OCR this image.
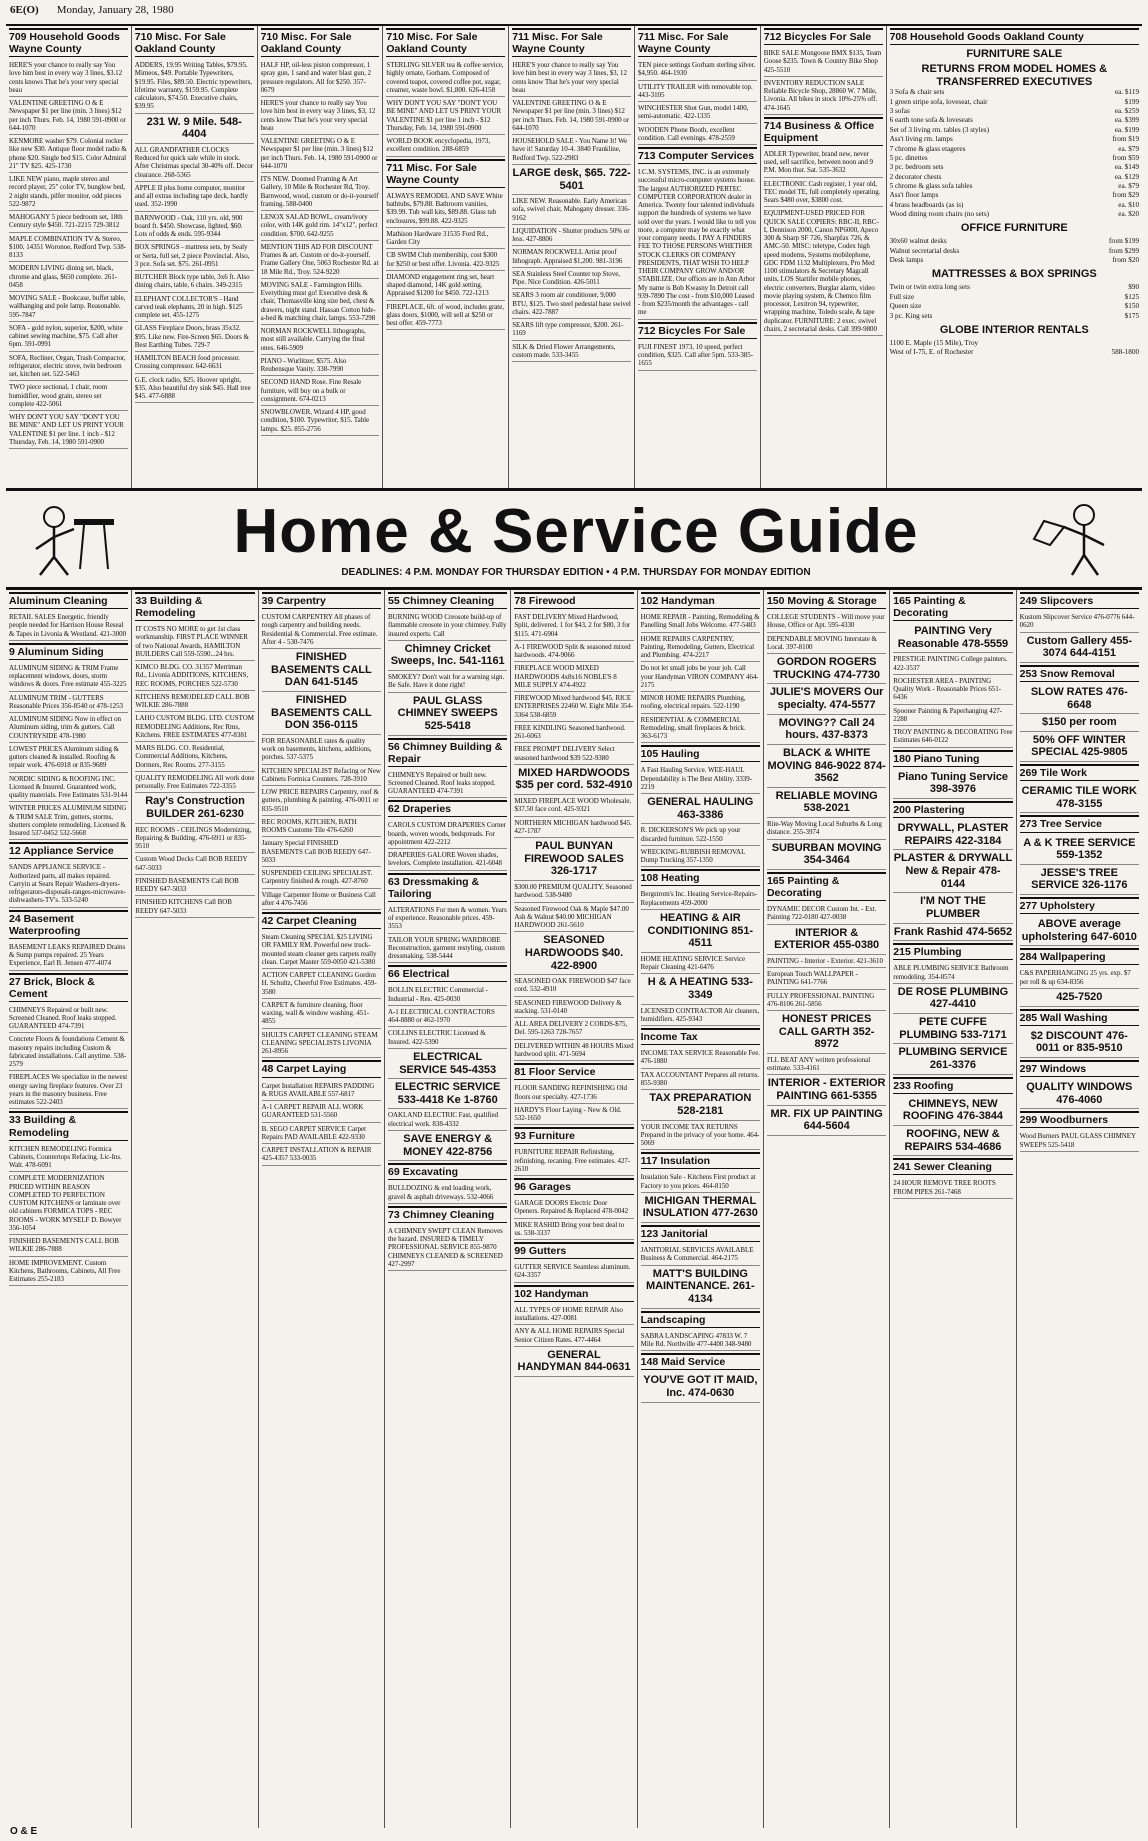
6E(O) Monday, January 28, 1980
709 Household Goods Wayne County
HERE'S your chance to really say You love him best in every way 3 lines, $3.12 cents knows That he's your very special beau
VALENTINE GREETING O & E Newspaper $1 per line (min. 3 lines) $12 per inch Thurs. Feb. 14, 1980 591-0900 or 644-1070
KENMORE washer $79. Colonial rocker like new $30. Antique floor model radio & phone $20. Single bed $15. Color Admiral 21" TV $25. 425-1730
LIKE NEW piano, maple stereo and record player, 25" color TV, bunglow bed, 2 night stands, pilfer monitor, odd pieces 522-9872
MAHOGANY 5 piece bedroom set, 18th Century style $450. 721-2215 729-3812
MAPLE COMBINATION TV & Stereo, $100. 14351 Woronoe, Redford Twp. 538-8133
MODERN LIVING dining set, black, chrome and glass, $650 complete. 261-0458
MOVING SALE - Bookcase, buffet table, wallhanging and pole lamp. Reasonable. 595-7847
SOFA - gold nylon, superior, $200, white cabinet sewing machine, $75. Call after 6pm. 591-0991
SOFA, Recliner, Organ, Trash Compactor, refrigerator, electric stove, twin bedroom set, kitchen set. 522-5463
TWO piece sectional, 1 chair, room humidifier, wood grain, stereo set complete 422-5061
WHY DON'T YOU SAY "DON'T YOU BE MINE" AND LET US PRINT YOUR VALENTINE $1 per line. 1 inch - $12 Thursday, Feb. 14, 1980 591-0900
710 Misc. For Sale Oakland County
ADDERS, 19.95 Writing Tables, $79.95. Mimeos, $49. Portable Typewriters, $19.95. Files, $89.50. Electric typewriters, lifetime warranty, $159.95. Complete calculators, $74.50. Executive chairs, $39.95
231 W. 9 Mile. 548-4404
ALL GRANDFATHER CLOCKS Reduced for quick sale while in stock. After Christmas special 30-40% off. Decor clearance. 268-5365
APPLE II plus home computer, monitor and all extras including tape deck, hardly used. 352-1990
BARNWOOD - Oak, 110 yrs. old, 900 board ft. $450. Showcase, lighted, $60. Lots of odds & ends. 595-9344
BOX SPRINGS - mattress sets, by Sealy or Serta, full set, 2 piece Provincial. Also, 3 pce. Sofa set. $75. 261-0951
BUTCHER Block type table, 3x6 ft. Also dining chairs, table, 6 chairs. 349-2315
ELEPHANT COLLECTOR'S - Hand carved teak elephants, 20 in high. $125 complete set. 455-1275
GLASS Fireplace Doors, brass 35x32. $95. Like new. Fire-Screen $65. Doors & Best Earthing Tubes. 729-7
HAMILTON BEACH food processor. Crossing compressor. 642-6631
G.E. clock radio, $25. Hoover upright, $35. Also beautiful dry sink $45. Hall tree $45. 477-6888
710 Misc. For Sale Oakland County
HALF HP, oil-less piston compressor, 1 spray gun, 1 sand and water blast gun, 2 pressure regulators. All for $250. 357-0679
HERE'S your chance to really say You love him best in every way 3 lines, $3, 12 cents know That he's your very special beau
VALENTINE GREETING O & E Newspaper $1 per line (min. 3 lines) $12 per inch Thurs. Feb. 14, 1980 591-0900 or 644-1070
ITS NEW. Doomed Framing & Art Gallery, 10 Mile & Rochester Rd, Troy. Barnwood, wood, custom or do-it-yourself framing. 588-0400
LENOX SALAD BOWL, cream/ivory color, with 14K gold rim. 14"x12", perfect condition. $700. 642-9255
MENTION THIS AD FOR DISCOUNT Frames & art. Custom or do-it-yourself. Frame Gallery One, 5063 Rochester Rd. at 18 Mile Rd., Troy. 524-9220
MOVING SALE - Farmington Hills. Everything must go! Executive desk & chair, Thomasville king size bed, chest & drawers, night stand. Hassan Cotton hide-a-bed & matching chair, lamps. 553-7298
NORMAN ROCKWELL lithographs, most still available. Carrying the final ones. 646-5909
PIANO - Wurlitzer, $575. Also Reubensque Vanity. 338-7990
SECOND HAND Rose. Fine Resale furniture, will buy on a bulk or consignment. 674-0213
SNOWBLOWER, Wizard 4 HP, good condition, $100. Typewriter, $15. Table lamps. $25. 855-2756
710 Misc. For Sale Oakland County
STERLING SILVER tea & coffee service, highly ornate, Gorham. Composed of covered teapot, covered coffee pot, sugar, creamer, waste bowl. $1,800. 626-4158
WHY DON'T YOU SAY "DON'T YOU BE MINE" AND LET US PRINT YOUR VALENTINE $1 per line 1 inch - $12 Thursday, Feb. 14, 1980 591-0900
WORLD BOOK encyclopedia, 1973, excellent condition. 288-6859
711 Misc. For Sale Wayne County
ALWAYS REMODEL AND SAVE White bathtubs, $79.88. Bathroom vanities, $39.99. Tub wall kits, $89.88. Glass tub enclosures, $99.88. 422-9325
Mathison Hardware 31535 Ford Rd., Garden City
CB SWIM Club membership, cost $300 for $250 or best offer. Livonia. 422-9325
DIAMOND engagement ring set, heart shaped diamond, 14K gold setting. Appraised $1200 for $450. 722-1213
FIREPLACE, 6ft. of wood, includes grate, glass doors, $1000, will sell at $250 or best offer. 459-7773
711 Misc. For Sale Wayne County
HERE'S your chance to really say You love him best in every way 3 lines, $3, 12 cents know That he's your very special beau
VALENTINE GREETING O & E Newspaper $1 per line (min. 3 lines) $12 per inch Thurs. Feb. 14, 1980 591-0900 or 644-1070
HOUSEHOLD SALE - You Name It! We have it! Saturday 10-4. 3840 Frankline, Redford Twp. 522-2983
LARGE desk, $65. 722-5401
LIKE NEW. Reasonable. Early American sofa, swivel chair, Mahogany dresser. 336-9162
LIQUIDATION - Shutter products 50% or less. 427-8806
NORMAN ROCKWELL Artist proof lithograph. Appraised $1,200. 981-3196
SEA Stainless Steel Counter top Stove, Pipe. Nice Condition. 426-5011
SEARS 3 room air conditioner, 9,000 BTU, $125. Two steel pedestal base swivel chairs. 422-7887
SEARS lift type compressor, $200. 261-1169
SILK & Dried Flower Arrangements, custom made. 533-3455
711 Misc. For Sale Wayne County
TEN piece settings Gorham sterling silver. $4,950. 464-1930
UTILITY TRAILER with removable top. 443-3105
WINCHESTER Shot Gun, model 1400, semi-automatic. 422-1335
WOODEN Phone Booth, excellent condition. Call evenings. 478-2559
713 Computer Services
I.C.M. SYSTEMS, INC. is an extremely successful micro-computer systems house. The largest AUTHORIZED PERTEC COMPUTER CORPORATION dealer in America. Twenty four talented individuals support the hundreds of systems we have sold over the years. I would like to tell you more, a computer may be exactly what your company needs. I PAY A FINDERS FEE TO THOSE PERSONS WHETHER STOCK CLERKS OR COMPANY PRESIDENTS, THAT WISH TO HELP THEIR COMPANY GROW AND/OR STABILIZE. Our offices are in Ann Arbor My name is Bob Kwasny In Detroit call 939-7890 The cost - from $10,000 Leased - from $235/month the advantages - call me
712 Bicycles For Sale
FUJI FINEST 1973, 10 speed, perfect condition, $325. Call after 5pm. 533-385-1655
712 Bicycles For Sale
BIKE SALE Mongoose BMX $135, Team Goose $235. Town & Country Bike Shop 425-5510
INVENTORY REDUCTION SALE Reliable Bicycle Shop, 28860 W. 7 Mile, Livonia. All bikes in stock 10%-25% off. 474-1645
714 Business & Office Equipment
ADLER Typewriter, brand new, never used, sell sacrifice, between noon and 9 P.M. Mon thur. Sat. 535-3632
ELECTRONIC Cash register, 1 year old, TEC model TE, full completely operating. Sears $480 over, $3800 cost.
EQUIPMENT-USED PRICED FOR QUICK SALE COPIERS: RBC-II, RBC-I, Dennison 2000, Canon NP6000, Apeco 300 & Sharp SF 726, Sharpfax 726, & AMC-50. MISC: teletype, Codex high speed modems, Systems mobilephone, GDC FDM 1132 Multiplexers, Pro Med 1100 stimulators & Secretary Magcall units, LOS Startifer mobile phones, electric converters, Burglar alarm, video movie playing system, & Chemco film processor, Lexitron 94, typewriter, wrapping machine, Toledo scale, & tape duplicator. FURNITURE: 2 exec. swivel chairs, 2 secretarial desks. Call 399-9800
708 Household Goods Oakland County
FURNITURE SALE
RETURNS FROM MODEL HOMES & TRANSFERRED EXECUTIVES
3 Sofa & chair sets	ea. $119
1 green stripe sofa, loveseat, chair	$199
3 sofas	ea. $259
6 earth tone sofa & loveseats	ea. $399
Set of 3 living rm. tables (3 styles)	ea. $199
Ass't living rm. lamps	from $19
7 chrome & glass etageres	ea. $79
5 pc. dinettes	from $59
3 pc. bedroom sets	ea. $149
2 decorator chests	ea. $129
5 chrome & glass sofa tables	ea. $79
Ass't floor lamps	from $29
4 brass headboards (as is)	ea. $10
Wood dining room chairs (no sets)	ea. $20
OFFICE FURNITURE
30x60 walnut desks	from $199
Walnut secretarial desks	from $299
Desk lamps	from $20
MATTRESSES & BOX SPRINGS
Twin or twin extra long sets	$90
Full size	$125
Queen size	$150
3 pc. King sets	$175
GLOBE INTERIOR RENTALS
1100 E. Maple (15 Mile), Troy
West of I-75, E. of Rochester	588-1800
Home & Service Guide
DEADLINES: 4 P.M. MONDAY FOR THURSDAY EDITION • 4 P.M. THURSDAY FOR MONDAY EDITION
Aluminum Cleaning
RETAIL SALES Energetic, friendly people needed for Harrison House Reseal & Tapes in Livonia & Westland. 421-3000
9 Aluminum Siding
ALUMINUM SIDING & TRIM Frame replacement windows, doors, storm windows & doors. Free estimate 455-3225
ALUMINUM TRIM - GUTTERS Reasonable Prices 356-8540 or 478-1253
ALUMINUM SIDING Now in effect on Aluminum siding, trim & gutters. Call COUNTRYSIDE 478-1980
LOWEST PRICES Aluminum siding & gutters cleaned & installed. Roofing & repair work. 476-6918 or 835-9689
NORDIC SIDING & ROOFING INC. Licensed & Insured. Guaranteed work, quality materials. Free Estimates 531-9144
WINTER PRICES ALUMINUM SIDING & TRIM SALE Trim, gutters, storms, shutters complete remodeling. Licensed & Insured 537-0452 532-5668
12 Appliance Service
SANDS APPLIANCE SERVICE - Authorized parts, all makes repaired. Carryin at Sears Repair Washers-dryers-refrigerators-disposals-ranges-microwave-dishwashers-TV's. 533-5240
24 Basement Waterproofing
BASEMENT LEAKS REPAIRED Drains & Sump pumps repaired. 25 Years Experience, Earl B. Jensen 477-4074
27 Brick, Block & Cement
CHIMNEYS Repaired or built new. Screened Cleaned. Roof leaks stopped. GUARANTEED 474-7391
Concrete Floors & foundations Cement & masonry repairs including Custom & fabricated installations. Call anytime. 538-2579
FIREPLACES We specialize in the newest energy saving fireplace features. Over 23 years in the masonry business. Free estimates 522-2403
33 Building & Remodeling
KITCHEN REMODELING Formica Cabinets, Countertops Refacing. Lic-Ins. Walt. 478-6091
COMPLETE MODERNIZATION PRICED WITHIN REASON COMPLETED TO PERFECTION CUSTOM KITCHENS or laminate over old cabinets FORMICA TOPS - REC ROOMS - WORK MYSELF D. Bowyer 356-1054
FINISHED BASEMENTS CALL BOB WILKIE 286-7888
HOME IMPROVEMENT. Custom Kitchens, Bathrooms, Cabinets, All Free Estimates 255-2183
33 Building & Remodeling
IT COSTS NO MORE to get 1st class workmanship. FIRST PLACE WINNER of two National Awards, HAMILTON BUILDERS Call 559-5590...24 hrs.
KIMCO BLDG. CO. 31357 Merriman Rd., Livonia ADDITIONS, KITCHENS, REC ROOMS, PORCHES 522-5730
KITCHENS REMODELED CALL BOB WILKIE 286-7888
LAHO CUSTOM BLDG. LTD. CUSTOM REMODELING Additions, Rec Rms, Kitchens. FREE ESTIMATES 477-8381
MARS BLDG. CO. Residential, Commercial Additions, Kitchens, Dormers, Rec Rooms. 277-3155
QUALITY REMODELING All work done personally. Free Estimates 722-3355
Ray's Construction BUILDER 261-6230
REC ROOMS - CEILINGS Modernizing, Repairing & Building. 476-6911 or 835-9510
Custom Wood Decks Call BOB REEDY 647-5033
FINISHED BASEMENTS Call BOB REEDY 647-5033
FINISHED KITCHENS Call BOB REEDY 647-5033
39 Carpentry
CUSTOM CARPENTRY All phases of rough carpentry and building needs. Residential & Commercial. Free estimate. After 4 - 530-7476
FINISHED BASEMENTS CALL DAN 641-5145
FINISHED BASEMENTS CALL DON 356-0115
FOR REASONABLE rates & quality work on basements, kitchens, additions, porches. 537-5375
KITCHEN SPECIALIST Refacing or New Cabinets Formica Counters. 728-3910
LOW PRICE REPAIRS Carpentry, roof & gutters, plumbing & painting. 476-0011 or 835-9510
REC ROOMS, KITCHEN, BATH ROOMS Custome Tile 476-6260
January Special FINISHED BASEMENTS Call BOB REEDY 647-5033
SUSPENDED CEILING SPECIALIST. Carpentry finished & rough. 427-8760
Village Carpenter Home or Business Call after 4 476-7456
42 Carpet Cleaning
Steam Cleaning SPECIAL $25 LIVING OR FAMILY RM. Powerful new truck-mounted steam cleaner gets carpets really clean. Carpet Master 559-0050 421-5380
ACTION CARPET CLEANING Gordon H. Schultz, Cheerful Free Estimates. 459-3580
CARPET & furniture cleaning, floor waxing, wall & window washing. 451-4855
SHULTS CARPET CLEANING STEAM CLEANING SPECIALISTS LIVONIA 261-8956
48 Carpet Laying
Carpet Installation REPAIRS PADDING & RUGS AVAILABLE 557-6817
A-1 CARPET REPAIR ALL WORK GUARANTEED 531-5560
B. SEGO CARPET SERVICE Carpet Repairs PAD AVAILABLE 422-9330
CARPET INSTALLATION & REPAIR 425-4357 533-0035
55 Chimney Cleaning
BURNING WOOD Creosote build-up of flammable creosote in your chimney. Fully insured experts. Call
Chimney Cricket Sweeps, Inc. 541-1161
SMOKEY? Don't wait for a warning sign. Be Safe. Have it done right!
PAUL GLASS CHIMNEY SWEEPS 525-5418
56 Chimney Building & Repair
CHIMNEYS Repaired or built new. Screened Cleaned. Roof leaks stopped. GUARANTEED 474-7391
62 Draperies
CAROLS CUSTOM DRAPERIES Corner boards, woven woods, bedspreads. For appointment 422-2212
DRAPERIES GALORE Woven shades, levelors. Complete installation. 421-6048
63 Dressmaking & Tailoring
ALTERATIONS For men & women. Years of experience. Reasonable prices. 459-3553
TAILOR YOUR SPRING WARDROBE Reconstruction, garment restyling, custom dressmaking. 538-5444
66 Electrical
BOLLIN ELECTRIC Commercial - Industrial - Res. 425-0030
A-1 ELECTRICAL CONTRACTORS 464-8880 or 462-1970
COLLINS ELECTRIC Licensed & Insured. 422-5390
ELECTRICAL SERVICE 545-4353
ELECTRIC SERVICE 533-4418 Ke 1-8760
OAKLAND ELECTRIC Fast, qualified electrical work. 838-4332
SAVE ENERGY & MONEY 422-8756
69 Excavating
BULLDOZING & end loading work, gravel & asphalt driveways. 532-4066
73 Chimney Cleaning
A CHIMNEY SWEPT CLEAN Removes the hazard. INSURED & TIMELY PROFESSIONAL SERVICE 855-9870 CHIMNEYS CLEANED & SCREENED 427-2997
78 Firewood
FAST DELIVERY Mixed Hardwood, Split, delivered. 1 for $43, 2 for $80, 3 for $115. 471-6904
A-1 FIREWOOD Split & seasoned mixed hardwoods. 474-9066
FIREPLACE WOOD MIXED HARDWOODS 4x8x16 NOBLE'S 8 MILE SUPPLY 474-4922
FIREWOOD Mixed hardwood $45. RICE ENTERPRISES 22460 W. Eight Mile 354-3364 538-6859
FREE KINDLING Seasoned hardwood. 261-6063
FREE PROMPT DELIVERY Select seasoned hardwood $39 522-9380
MIXED HARDWOODS $35 per cord. 532-4910
MIXED FIREPLACE WOOD Wholesale, $37.50 face cord. 425-9321
NORTHERN MICHIGAN hardwood $45. 427-1787
PAUL BUNYAN FIREWOOD SALES 326-1717
$300.00 PREMIUM QUALITY, Seasoned hardwood. 538-9480
Seasoned Firewood Oak & Maple $47.00 Ash & Walnut $40.00 MICHIGAN HARDWOOD 261-5610
SEASONED HARDWOODS $40. 422-8900
SEASONED OAK FIREWOOD $47 face cord. 532-4910
SEASONED FIREWOOD Delivery & stacking. 531-0140
ALL AREA DELIVERY 2 CORDS-$75, Del. 595-1263 728-7657
DELIVERED WITHIN 48 HOURS Mixed hardwood split. 471-5694
81 Floor Service
FLOOR SANDING REFINISHING Old floors our specialty. 427-1736
HARDY'S Floor Laying - New & Old. 532-1650
93 Furniture
FURNITURE REPAIR Refinishing, refinishing, recaning. Free estimates. 427-2610
96 Garages
GARAGE DOORS Electric Door Openers. Repaired & Replaced 478-0042
MIKE RASHID Bring your best deal to us. 538-3337
99 Gutters
GUTTER SERVICE Seamless aluminum. 624-3357
102 Handyman
ALL TYPES OF HOME REPAIR Also installations. 427-0081
ANY & ALL HOME REPAIRS Special Senior Citizen Rates. 477-4464
GENERAL HANDYMAN 844-0631
102 Handyman
HOME REPAIR - Painting, Remodeling & Panelling Small Jobs Welcome. 477-5483
HOME REPAIRS CARPENTRY, Painting, Remodeling, Gutters, Electrical and Plumbing. 474-2217
Do not let small jobs be your job. Call your Handyman VIRON COMPANY 464-2175
MINOR HOME REPAIRS Plumbing, roofing, electrical repairs. 522-1190
RESIDENTIAL & COMMERCIAL Remodeling, small fireplaces & brick. 363-6173
105 Hauling
A Fast Hauling Service. WEE-HAUL Dependability is The Best Ability. 3339-2219
GENERAL HAULING 463-3386
R. DICKERSON'S We pick up your discarded furniture. 522-1550
WRECKING-RUBBISH REMOVAL Dump Trucking 357-1350
108 Heating
Bergstrom's Inc. Heating Service-Repairs-Replacements 459-2000
HEATING & AIR CONDITIONING 851-4511
HOME HEATING SERVICE Service Repair Cleaning 421-6476
H & A HEATING 533-3349
LICENSED CONTRACTOR Air cleaners, humidifiers. 425-9343
Income Tax
INCOME TAX SERVICE Reasonable Fee. 476-1880
TAX ACCOUNTANT Prepares all returns. 855-9380
TAX PREPARATION 528-2181
YOUR INCOME TAX RETURNS Prepared in the privacy of your home. 464-5069
117 Insulation
Insulation Sale - Kitchens First product at Factory to you prices. 464-8150
MICHIGAN THERMAL INSULATION 477-2630
123 Janitorial
JANITORIAL SERVICES AVAILABLE Business & Commercial. 464-2175
MATT'S BUILDING MAINTENANCE. 261-4134
Landscaping
SABRA LANDSCAPING 47833 W. 7 Mile Rd. Northville 477-4400 348-9480
148 Maid Service
YOU'VE GOT IT MAID, Inc. 474-0630
150 Moving & Storage
COLLEGE STUDENTS - Will move your House, Office or Apt. 595-4330
DEPENDABLE MOVING Interstate & Local. 397-8100
GORDON ROGERS TRUCKING 474-7730
JULIE'S MOVERS Our specialty. 474-5577
MOVING?? Call 24 hours. 437-8373
BLACK & WHITE MOVING 846-9022 874-3562
RELIABLE MOVING 538-2021
Rite-Way Moving Local Suburbs & Long distance. 255-3974
SUBURBAN MOVING 354-3464
165 Painting & Decorating
DYNAMIC DECOR Custom Int. - Ext. Painting 722-0180 427-0038
INTERIOR & EXTERIOR 455-0380
PAINTING - Interior - Exterior. 421-3610
European Touch WALLPAPER - PAINTING 641-7766
FULLY PROFESSIONAL PAINTING 476-8106 261-5856
HONEST PRICES CALL GARTH 352-8972
I'LL BEAT ANY written professional estimate. 533-4161
INTERIOR - EXTERIOR PAINTING 661-5355
MR. FIX UP PAINTING 644-5604
165 Painting & Decorating
PAINTING Very Reasonable 478-5559
PRESTIGE PAINTING College painters. 422-3537
ROCHESTER AREA - PAINTING Quality Work - Reasonable Prices 651-6436
Spooner Painting & Paperhanging 427-2288
TROY PAINTING & DECORATING Free Estimates 646-0122
180 Piano Tuning
Piano Tuning Service 398-3976
200 Plastering
DRYWALL, PLASTER REPAIRS 422-3184
PLASTER & DRYWALL New & Repair 478-0144
I'M NOT THE PLUMBER
Frank Rashid 474-5652
215 Plumbing
ABLE PLUMBING SERVICE Bathroom remodeling. 354-8574
DE ROSE PLUMBING 427-4410
PETE CUFFE PLUMBING 533-7171
PLUMBING SERVICE 261-3376
233 Roofing
CHIMNEYS, NEW ROOFING 476-3844
ROOFING, NEW & REPAIRS 534-4686
241 Sewer Cleaning
24 HOUR REMOVE TREE ROOTS FROM PIPES 261-7468
249 Slipcovers
Kustom Slipcover Service 476-0776 644-0620
Custom Gallery 455-3074 644-4151
253 Snow Removal
SLOW RATES 476-6648
$150 per room
50% OFF WINTER SPECIAL 425-9805
269 Tile Work
CERAMIC TILE WORK 478-3155
273 Tree Service
A & K TREE SERVICE 559-1352
JESSE'S TREE SERVICE 326-1176
277 Upholstery
ABOVE average upholstering 647-6010
284 Wallpapering
C&S PAPERHANGING 25 yrs. exp. $7 per roll & up 634-8356
425-7520
285 Wall Washing
$2 DISCOUNT 476-0011 or 835-9510
297 Windows
QUALITY WINDOWS 476-4060
299 Woodburners
Wood Burners PAUL GLASS CHIMNEY SWEEPS 525-5418
O & E
